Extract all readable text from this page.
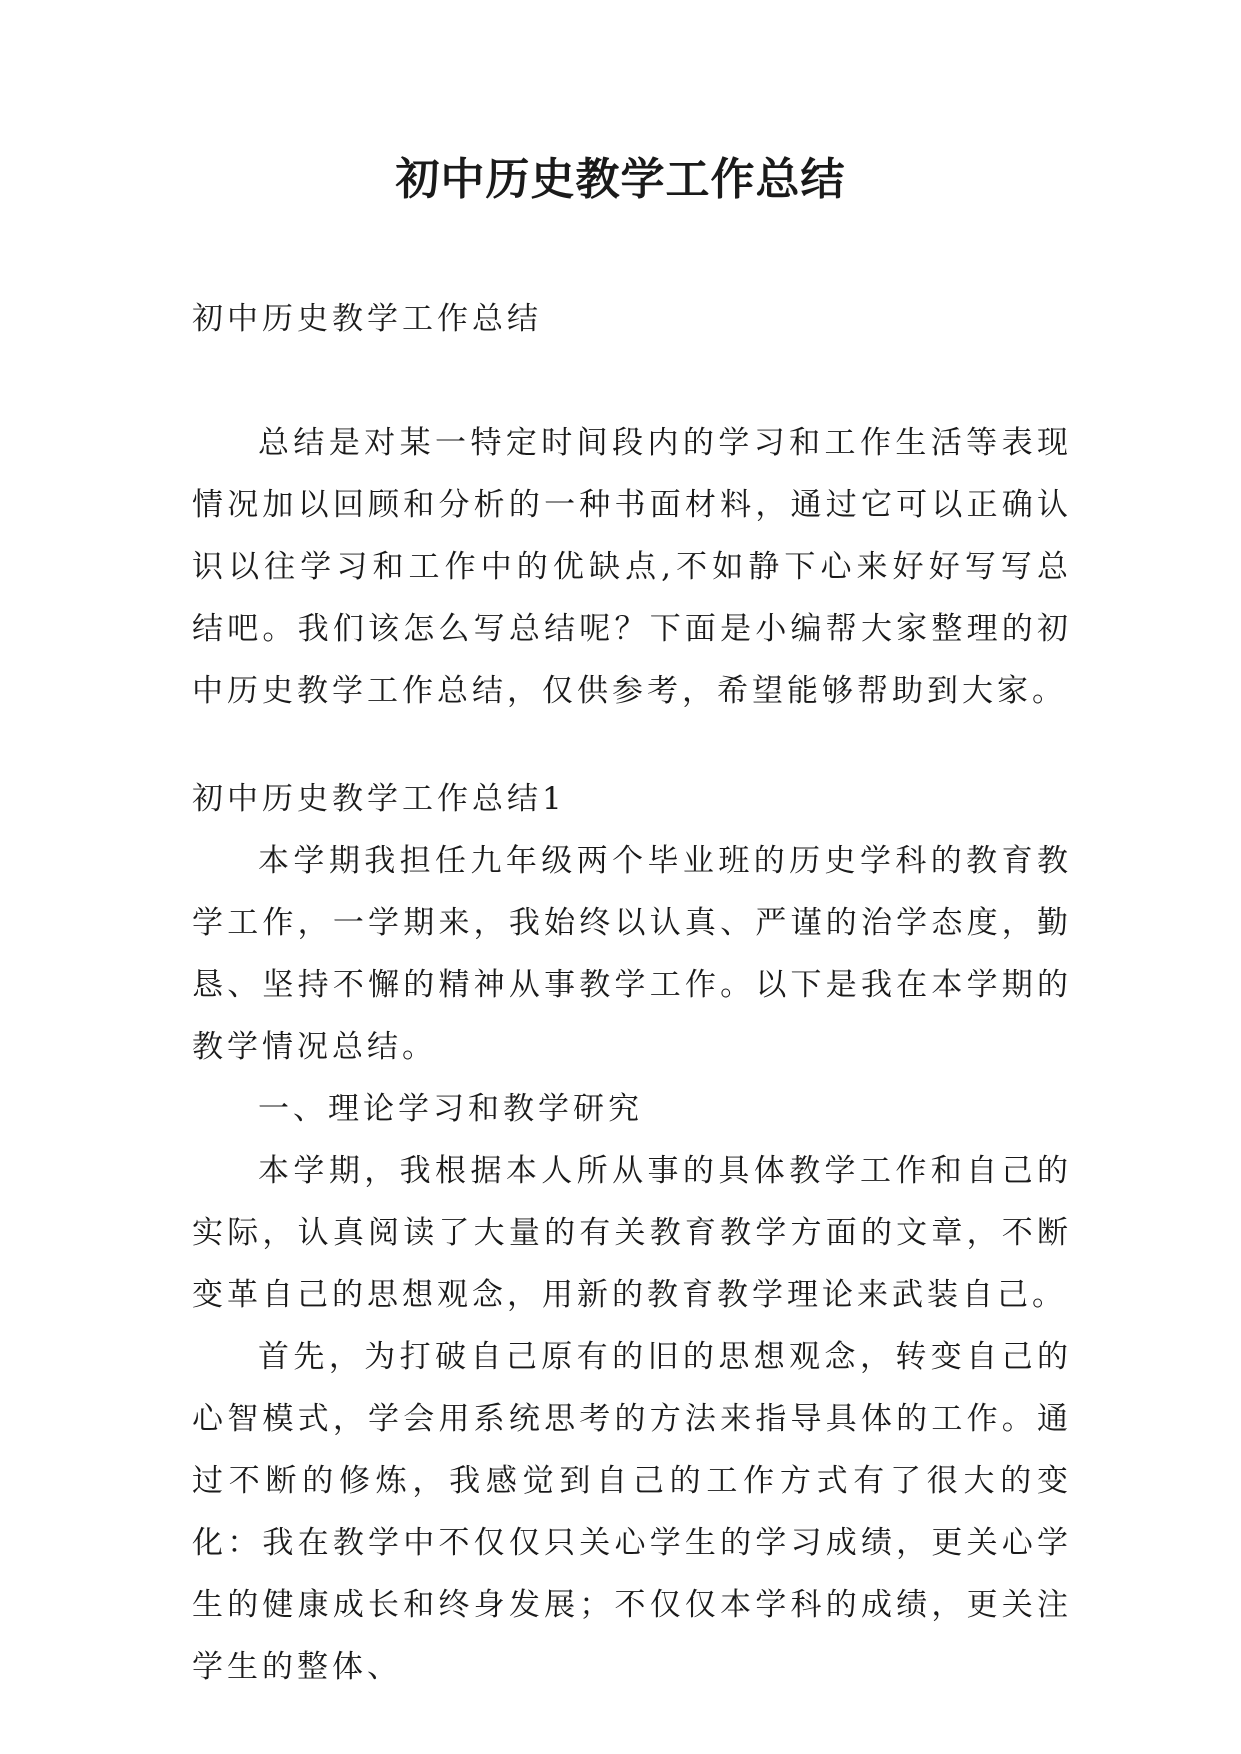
初中历史教学工作总结

初中历史教学工作总结

总结是对某一特定时间段内的学习和工作生活等表现情况加以回顾和分析的一种书面材料，通过它可以正确认识以往学习和工作中的优缺点,不如静下心来好好写写总结吧。我们该怎么写总结呢？下面是小编帮大家整理的初中历史教学工作总结，仅供参考，希望能够帮助到大家。

初中历史教学工作总结1

本学期我担任九年级两个毕业班的历史学科的教育教学工作，一学期来，我始终以认真、严谨的治学态度，勤恳、坚持不懈的精神从事教学工作。以下是我在本学期的教学情况总结。

一、理论学习和教学研究

本学期，我根据本人所从事的具体教学工作和自己的实际，认真阅读了大量的有关教育教学方面的文章，不断变革自己的思想观念，用新的教育教学理论来武装自己。

首先，为打破自己原有的旧的思想观念，转变自己的心智模式，学会用系统思考的方法来指导具体的工作。通过不断的修炼，我感觉到自己的工作方式有了很大的变化：我在教学中不仅仅只关心学生的学习成绩，更关心学生的健康成长和终身发展；不仅仅本学科的成绩，更关注学生的整体、
